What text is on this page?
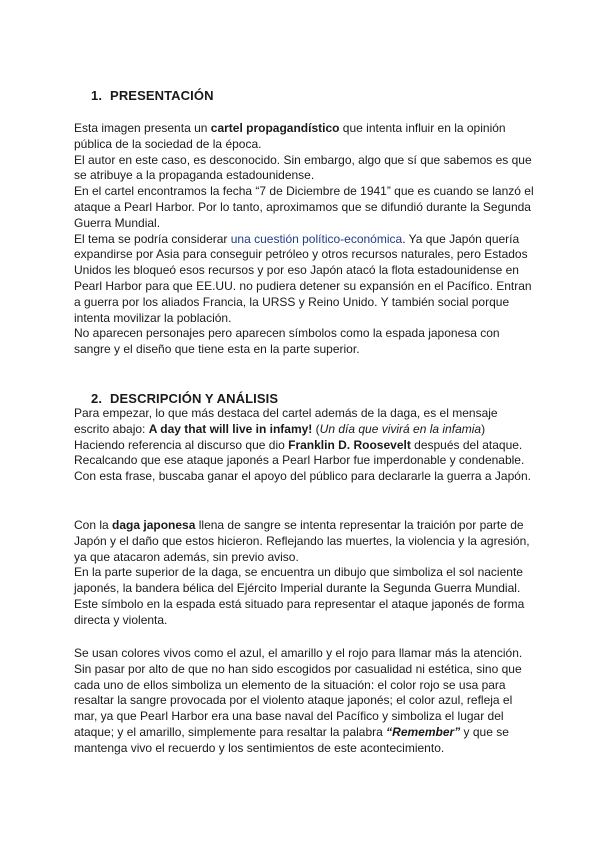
1. PRESENTACIÓN

Esta imagen presenta un cartel propagandístico que intenta influir en la opinión pública de la sociedad de la época.

El autor en este caso, es desconocido. Sin embargo, algo que sí que sabemos es que se atribuye a la propaganda estadounidense.

En el cartel encontramos la fecha “7 de Diciembre de 1941” que es cuando se lanzó el ataque a Pearl Harbor. Por lo tanto, aproximamos que se difundió durante la Segunda Guerra Mundial.

El tema se podría considerar una cuestión político-económica. Ya que Japón quería expandirse por Asia para conseguir petróleo y otros recursos naturales, pero Estados Unidos les bloqueó esos recursos y por eso Japón atacó la flota estadounidense en Pearl Harbor para que EE.UU. no pudiera detener su expansión en el Pacífico. Entran a guerra por los aliados Francia, la URSS y Reino Unido. Y también social porque intenta movilizar la población.

No aparecen personajes pero aparecen símbolos como la espada japonesa con sangre y el diseño que tiene esta en la parte superior.

2. DESCRIPCIÓN Y ANÁLISIS

Para empezar, lo que más destaca del cartel además de la daga, es el mensaje escrito abajo: A day that will live in infamy! (Un día que vivirá en la infamia) Haciendo referencia al discurso que dio Franklin D. Roosevelt después del ataque. Recalcando que ese ataque japonés a Pearl Harbor fue imperdonable y condenable. Con esta frase, buscaba ganar el apoyo del público para declararle la guerra a Japón.

Con la daga japonesa llena de sangre se intenta representar la traición por parte de Japón y el daño que estos hicieron. Reflejando las muertes, la violencia y la agresión, ya que atacaron además, sin previo aviso.

En la parte superior de la daga, se encuentra un dibujo que simboliza el sol naciente japonés, la bandera bélica del Ejército Imperial durante la Segunda Guerra Mundial. Este símbolo en la espada está situado para representar el ataque japonés de forma directa y violenta.

Se usan colores vivos como el azul, el amarillo y el rojo para llamar más la atención. Sin pasar por alto de que no han sido escogidos por casualidad ni estética, sino que cada uno de ellos simboliza un elemento de la situación: el color rojo se usa para resaltar la sangre provocada por el violento ataque japonés; el color azul, refleja el mar, ya que Pearl Harbor era una base naval del Pacífico y simboliza el lugar del ataque; y el amarillo, simplemente para resaltar la palabra “Remember” y que se mantenga vivo el recuerdo y los sentimientos de este acontecimiento.
